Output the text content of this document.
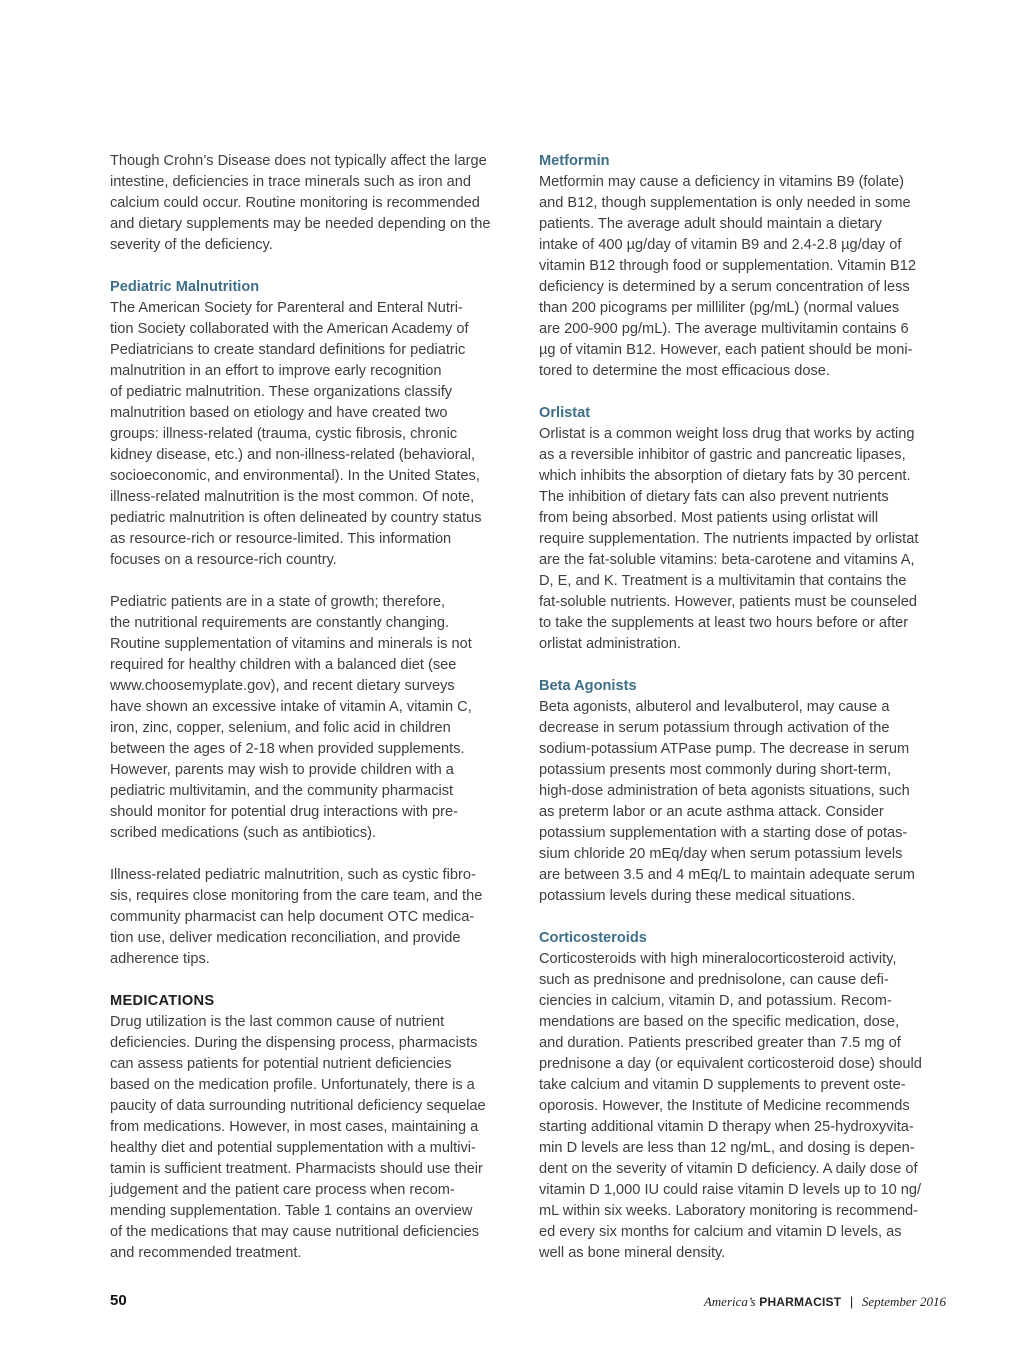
Though Crohn’s Disease does not typically affect the large
intestine, deficiencies in trace minerals such as iron and
calcium could occur. Routine monitoring is recommended
and dietary supplements may be needed depending on the
severity of the deficiency.

Pediatric Malnutrition

The American Society for Parenteral and Enteral Nutri-
tion Society collaborated with the American Academy of
Pediatricians to create standard definitions for pediatric
malnutrition in an effort to improve early recognition
of pediatric malnutrition. These organizations classify
malnutrition based on etiology and have created two
groups: illness-related (trauma, cystic fibrosis, chronic
kidney disease, etc.) and non-illness-related (behavioral,
socioeconomic, and environmental). In the United States,
illness-related malnutrition is the most common. Of note,
pediatric malnutrition is often delineated by country status
as resource-rich or resource-limited. This information
focuses on a resource-rich country.

Pediatric patients are in a state of growth; therefore,
the nutritional requirements are constantly changing.
Routine supplementation of vitamins and minerals is not
required for healthy children with a balanced diet (see
www.choosemyplate.gov), and recent dietary surveys
have shown an excessive intake of vitamin A, vitamin C,
iron, zinc, copper, selenium, and folic acid in children
between the ages of 2-18 when provided supplements.
However, parents may wish to provide children with a
pediatric multivitamin, and the community pharmacist
should monitor for potential drug interactions with pre-
scribed medications (such as antibiotics).

Illness-related pediatric malnutrition, such as cystic fibro-
sis, requires close monitoring from the care team, and the
community pharmacist can help document OTC medica-
tion use, deliver medication reconciliation, and provide
adherence tips.

MEDICATIONS

Drug utilization is the last common cause of nutrient
deficiencies. During the dispensing process, pharmacists
can assess patients for potential nutrient deficiencies
based on the medication profile. Unfortunately, there is a
paucity of data surrounding nutritional deficiency sequelae
from medications. However, in most cases, maintaining a
healthy diet and potential supplementation with a multivi-
tamin is sufficient treatment. Pharmacists should use their
judgement and the patient care process when recom-
mending supplementation. Table 1 contains an overview
of the medications that may cause nutritional deficiencies
and recommended treatment.

Metformin

Metformin may cause a deficiency in vitamins B9 (folate)
and B12, though supplementation is only needed in some
patients. The average adult should maintain a dietary
intake of 400 µg/day of vitamin B9 and 2.4-2.8 µg/day of
vitamin B12 through food or supplementation. Vitamin B12
deficiency is determined by a serum concentration of less
than 200 picograms per milliliter (pg/mL) (normal values
are 200-900 pg/mL). The average multivitamin contains 6
µg of vitamin B12. However, each patient should be moni-
tored to determine the most efficacious dose.

Orlistat

Orlistat is a common weight loss drug that works by acting
as a reversible inhibitor of gastric and pancreatic lipases,
which inhibits the absorption of dietary fats by 30 percent.
The inhibition of dietary fats can also prevent nutrients
from being absorbed. Most patients using orlistat will
require supplementation. The nutrients impacted by orlistat
are the fat-soluble vitamins: beta-carotene and vitamins A,
D, E, and K. Treatment is a multivitamin that contains the
fat-soluble nutrients. However, patients must be counseled
to take the supplements at least two hours before or after
orlistat administration.

Beta Agonists

Beta agonists, albuterol and levalbuterol, may cause a
decrease in serum potassium through activation of the
sodium-potassium ATPase pump. The decrease in serum
potassium presents most commonly during short-term,
high-dose administration of beta agonists situations, such
as preterm labor or an acute asthma attack. Consider
potassium supplementation with a starting dose of potas-
sium chloride 20 mEq/day when serum potassium levels
are between 3.5 and 4 mEq/L to maintain adequate serum
potassium levels during these medical situations.

Corticosteroids

Corticosteroids with high mineralocorticosteroid activity,
such as prednisone and prednisolone, can cause defi-
ciencies in calcium, vitamin D, and potassium. Recom-
mendations are based on the specific medication, dose,
and duration. Patients prescribed greater than 7.5 mg of
prednisone a day (or equivalent corticosteroid dose) should
take calcium and vitamin D supplements to prevent oste-
oporosis. However, the Institute of Medicine recommends
starting additional vitamin D therapy when 25-hydroxyvita-
min D levels are less than 12 ng/mL, and dosing is depen-
dent on the severity of vitamin D deficiency. A daily dose of
vitamin D 1,000 IU could raise vitamin D levels up to 10 ng/
mL within six weeks. Laboratory monitoring is recommend-
ed every six months for calcium and vitamin D levels, as
well as bone mineral density.

50	America’s PHARMACIST | September 2016
